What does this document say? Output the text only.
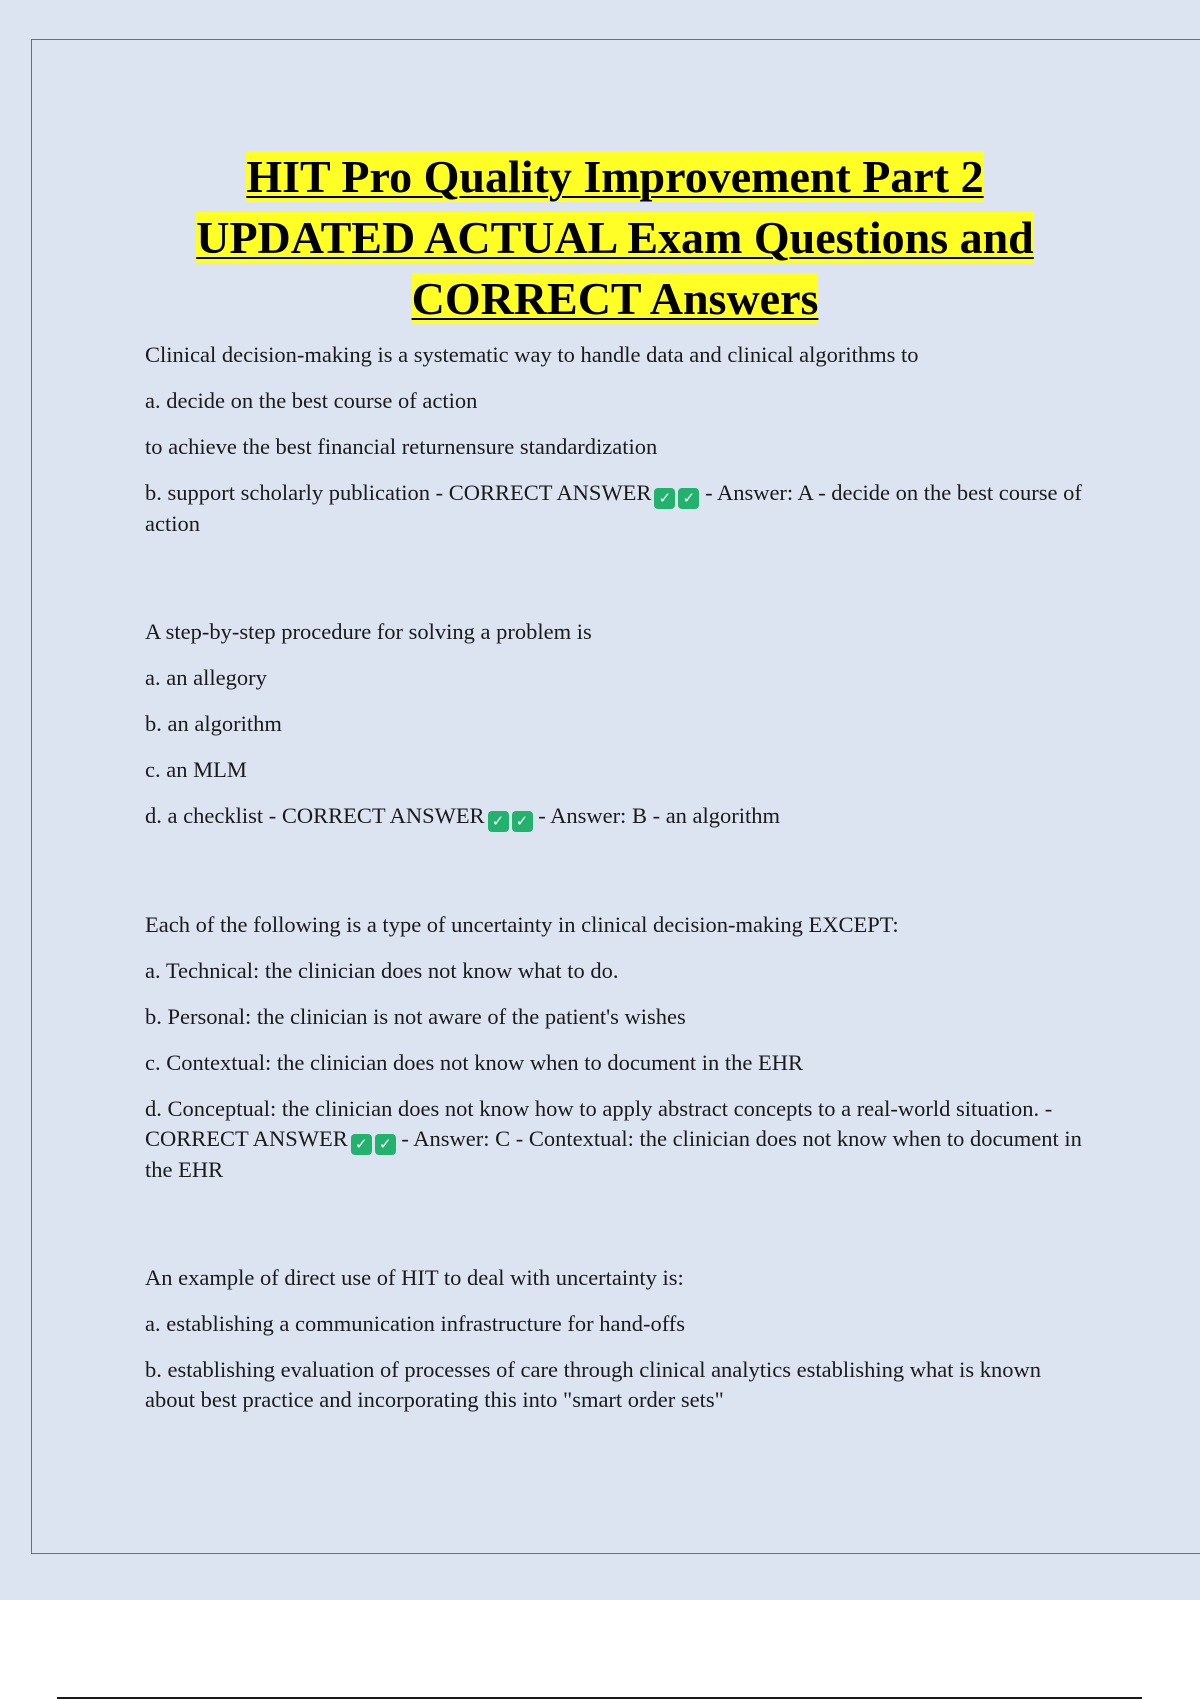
HIT Pro Quality Improvement Part 2
UPDATED ACTUAL Exam Questions and
CORRECT Answers

Clinical decision-making is a systematic way to handle data and clinical algorithms to

a. decide on the best course of action

to achieve the best financial returnensure standardization

b. support scholarly publication - CORRECT ANSWER ✓ ✓ - Answer: A - decide on the best course of action

A step-by-step procedure for solving a problem is

a. an allegory

b. an algorithm

c. an MLM

d. a checklist - CORRECT ANSWER ✓ ✓ - Answer: B - an algorithm

Each of the following is a type of uncertainty in clinical decision-making EXCEPT:

a. Technical: the clinician does not know what to do.

b. Personal: the clinician is not aware of the patient's wishes

c. Contextual: the clinician does not know when to document in the EHR

d. Conceptual: the clinician does not know how to apply abstract concepts to a real-world situation. - CORRECT ANSWER ✓ ✓ - Answer: C - Contextual: the clinician does not know when to document in the EHR

An example of direct use of HIT to deal with uncertainty is:

a. establishing a communication infrastructure for hand-offs

b. establishing evaluation of processes of care through clinical analytics establishing what is known about best practice and incorporating this into "smart order sets"
